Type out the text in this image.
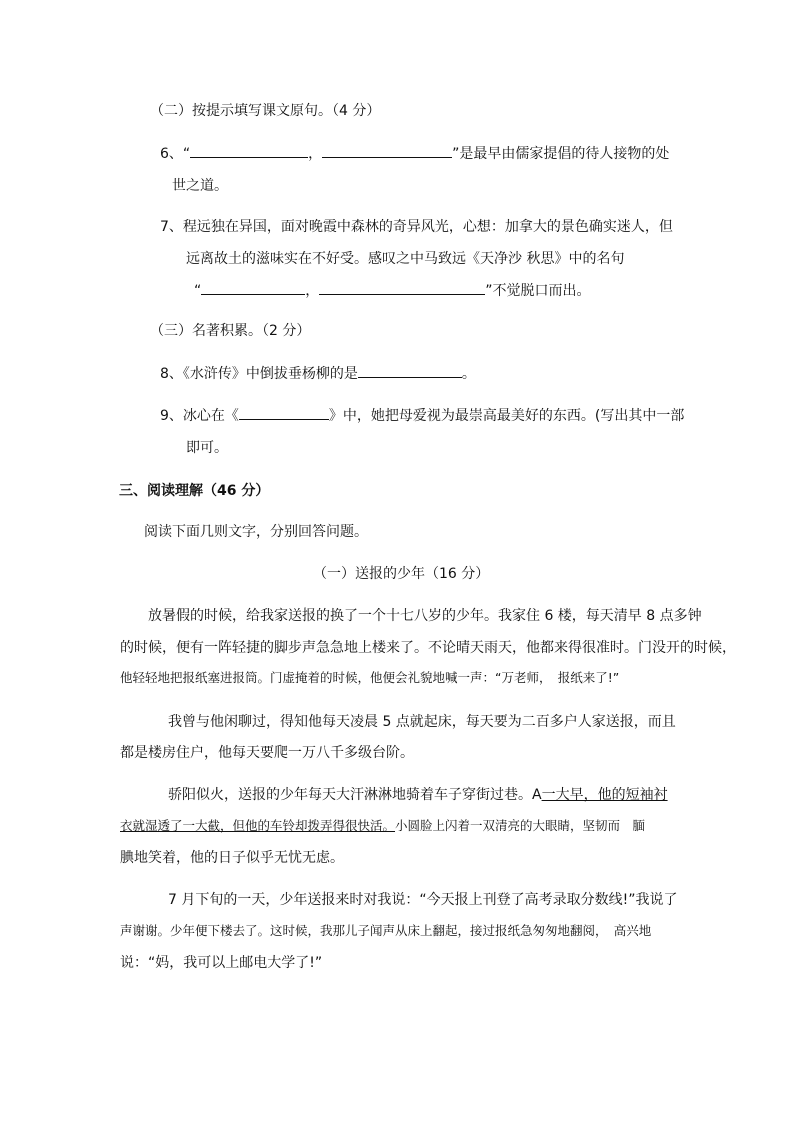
（二）按提示填写课文原句。（4 分）
6、“	，	”是最早由儒家提倡的待人接物的处
世之道。
7、程远独在异国，面对晚霞中森林的奇异风光，心想：加拿大的景色确实迷人，但
远离故土的滋味实在不好受。感叹之中马致远《天净沙 秋思》中的名句
“	，	”不觉脱口而出。
（三）名著积累。（2 分）
8、《水浒传》中倒拔垂杨柳的是	。
9、冰心在《	》中，她把母爱视为最崇高最美好的东西。(写出其中一部
即可。
三、阅读理解（46 分）
阅读下面几则文字，分别回答问题。
（一）送报的少年（16 分）
放暑假的时候，给我家送报的换了一个十七八岁的少年。我家住 6 楼，每天清早 8 点多钟
的时候，便有一阵轻捷的脚步声急急地上楼来了。不论晴天雨天，他都来得很准时。门没开的时候，
他轻轻地把报纸塞进报筒。门虚掩着的时候，他便会礼貌地喊一声：“万老师，　报纸来了!”
我曾与他闲聊过，得知他每天凌晨 5 点就起床，每天要为二百多户人家送报，而且
都是楼房住户，他每天要爬一万八千多级台阶。
骄阳似火，送报的少年每天大汗淋淋地骑着车子穿街过巷。A一大早，他的短袖衬
衣就湿透了一大截，但他的车铃却拨弄得很快活。小圆脸上闪着一双清亮的大眼睛，坚韧而　腼
腆地笑着，他的日子似乎无忧无虑。
7 月下旬的一天，少年送报来时对我说：“今天报上刊登了高考录取分数线!”我说了
声谢谢。少年便下楼去了。这时候，我那儿子闻声从床上翻起，接过报纸急匆匆地翻阅，　高兴地
说：“妈，我可以上邮电大学了!”
